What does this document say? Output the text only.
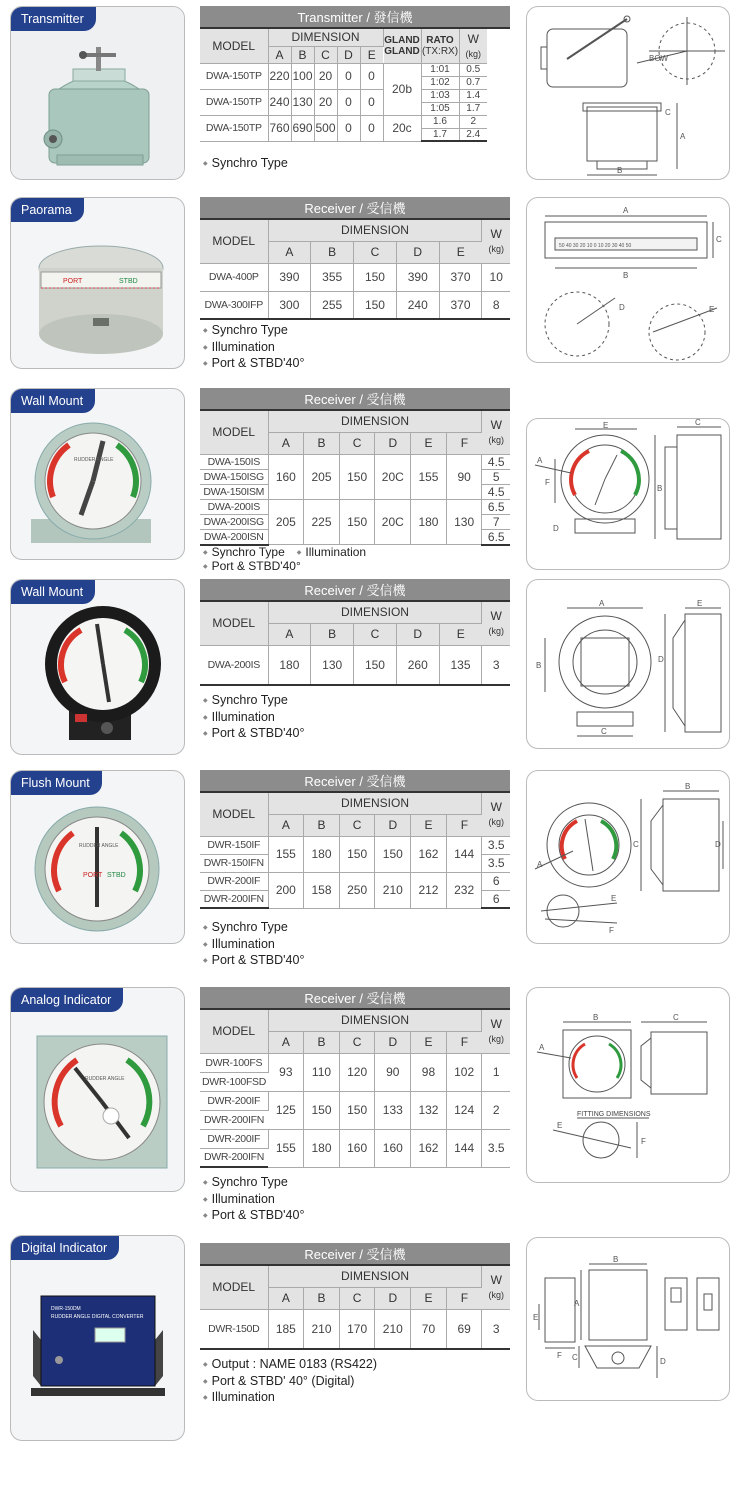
Transmitter	Transmitter / 發信機								
MODEL	DIMENSION					GLAND GLAND	RATO
(TX:RX)	W
(kg)
	A	B	C	D	E			
DWA-150TP	220	100	20	0	0	20b	1:01	0.5
							1:02	0.7
DWA-150TP	240	130	20	0	0		1:03	1.4
							1:05	1.7
DWA-150TP	760	690	500	0	0	20c	1.6	2
							1.7	2.4
◆ Synchro Type
BOW
A
B
C
Paorama
PORT	STBD
Receiver / 受信機						
MODEL	DIMENSION					W
(kg)
	A	B	C	D	E	
DWA-400P	390	355	150	390	370	10
DWA-300IFP	300	255	150	240	370	8
◆ Synchro Type
◆ Illumination
◆ Port & STBD'40°
A
50 40 30 20 10 0 10 20 30 40 50
C
B
D	E
Wall Mount
RUDDER ANGLE
Receiver / 受信機							
MODEL	DIMENSION						W
(kg)
	A	B	C	D	E	F	
DWA-150IS	160	205	150	20C	155	90	4.5
DWA-150ISG							5
DWA-150ISM							4.5
DWA-200IS	205	225	150	20C	180	130	6.5
DWA-200ISG							7
DWA-200ISN							6.5
◆ Synchro Type ◆ Illumination
◆ Port & STBD'40°
E
A
F
D
C
B
Wall Mount	Receiver / 受信機						
MODEL	DIMENSION					W
(kg)
	A	B	C	D	E	
DWA-200IS	180	130	150	260	135	3
◆ Synchro Type
◆ Illumination
◆ Port & STBD'40°
A
B
C
E
D
Flush Mount
PORT STBD
RUDDER ANGLE
Receiver / 受信機							
MODEL	DIMENSION						W
(kg)
	A	B	C	D	E	F	
DWR-150IF	155	180	150	150	162	144	3.5
DWR-150IFN							3.5
DWR-200IF	200	158	250	210	212	232	6
DWR-200IFN							6
◆ Synchro Type
◆ Illumination
◆ Port & STBD'40°
A
B
C	D
E
F
Analog Indicator
RUDDER ANGLE
Receiver / 受信機							
MODEL	DIMENSION						W
(kg)
	A	B	C	D	E	F	
DWR-100FS	93	110	120	90	98	102	1
DWR-100FSD							
DWR-200IF	125	150	150	133	132	124	2
DWR-200IFN							
DWR-200IF	155	180	160	160	162	144	3.5
DWR-200IFN							
◆ Synchro Type
◆ Illumination
◆ Port & STBD'40°
B
A
C
FITTING DIMENSIONS
E
F
Digital Indicator
DWR-150DM
RUDDER ANGLE DIGITAL CONVERTER
Receiver / 受信機							
MODEL	DIMENSION						W
(kg)
	A	B	C	D	E	F	
DWR-150D	185	210	170	210	70	69	3
◆ Output : NAME 0183 (RS422)
◆ Port & STBD' 40° (Digital)
◆ Illumination
E
F
B
A
C	D
